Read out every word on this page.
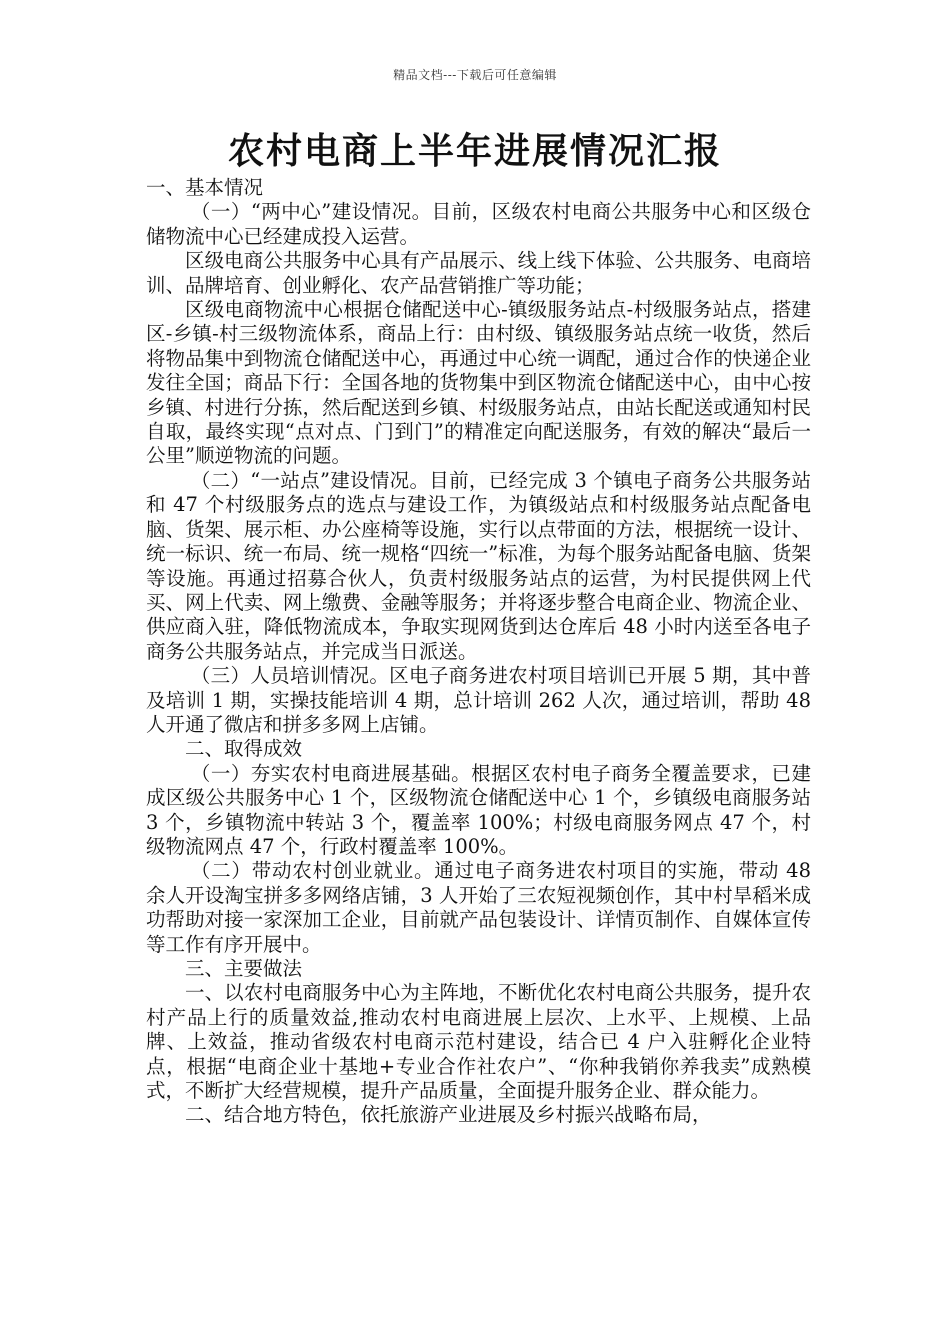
精品文档---下载后可任意编辑
农村电商上半年进展情况汇报

一、基本情况

（一）“两中心”建设情况。目前，区级农村电商公共服务中心和区级仓储物流中心已经建成投入运营。

区级电商公共服务中心具有产品展示、线上线下体验、公共服务、电商培训、品牌培育、创业孵化、农产品营销推广等功能；

区级电商物流中心根据仓储配送中心-镇级服务站点-村级服务站点，搭建区-乡镇-村三级物流体系，商品上行：由村级、镇级服务站点统一收货，然后将物品集中到物流仓储配送中心，再通过中心统一调配，通过合作的快递企业发往全国；商品下行：全国各地的货物集中到区物流仓储配送中心，由中心按乡镇、村进行分拣，然后配送到乡镇、村级服务站点，由站长配送或通知村民自取，最终实现“点对点、门到门”的精准定向配送服务，有效的解决“最后一公里”顺逆物流的问题。

（二）“一站点”建设情况。目前，已经完成 3 个镇电子商务公共服务站和 47 个村级服务点的选点与建设工作，为镇级站点和村级服务站点配备电脑、货架、展示柜、办公座椅等设施，实行以点带面的方法，根据统一设计、统一标识、统一布局、统一规格“四统一”标准，为每个服务站配备电脑、货架等设施。再通过招募合伙人，负责村级服务站点的运营，为村民提供网上代买、网上代卖、网上缴费、金融等服务；并将逐步整合电商企业、物流企业、供应商入驻，降低物流成本，争取实现网货到达仓库后 48 小时内送至各电子商务公共服务站点，并完成当日派送。

（三）人员培训情况。区电子商务进农村项目培训已开展 5 期，其中普及培训 1 期，实操技能培训 4 期，总计培训 262 人次，通过培训，帮助 48 人开通了微店和拼多多网上店铺。

二、取得成效

（一）夯实农村电商进展基础。根据区农村电子商务全覆盖要求，已建成区级公共服务中心 1 个，区级物流仓储配送中心 1 个，乡镇级电商服务站 3 个，乡镇物流中转站 3 个，覆盖率 100%；村级电商服务网点 47 个，村级物流网点 47 个，行政村覆盖率 100%。

（二）带动农村创业就业。通过电子商务进农村项目的实施，带动 48 余人开设淘宝拼多多网络店铺，3 人开始了三农短视频创作，其中村旱稻米成功帮助对接一家深加工企业，目前就产品包装设计、详情页制作、自媒体宣传等工作有序开展中。

三、主要做法

一、以农村电商服务中心为主阵地，不断优化农村电商公共服务，提升农村产品上行的质量效益,推动农村电商进展上层次、上水平、上规模、上品牌、上效益，推动省级农村电商示范村建设，结合已 4 户入驻孵化企业特点，根据“电商企业十基地+专业合作社农户”、“你种我销你养我卖”成熟模式，不断扩大经营规模，提升产品质量，全面提升服务企业、群众能力。

二、结合地方特色，依托旅游产业进展及乡村振兴战略布局，
